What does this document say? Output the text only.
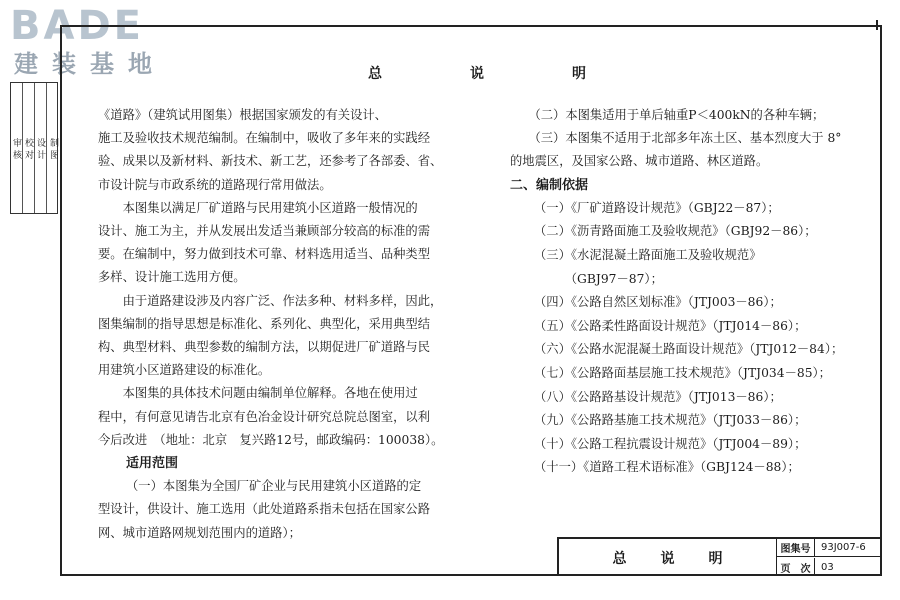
BADE
建装基地
审 核 校 对 设 计 制 图
总	说	明
《道路》（建筑试用图集）根据国家颁发的有关设计、
施工及验收技术规范编制。在编制中，吸收了多年来的实践经
验、成果以及新材料、新技术、新工艺，还参考了各部委、省、
市设计院与市政系统的道路现行常用做法。
　　本图集以满足厂矿道路与民用建筑小区道路一般情况的
设计、施工为主，并从发展出发适当兼顾部分较高的标准的需
要。在编制中，努力做到技术可靠、材料选用适当、品种类型
多样、设计施工选用方便。
　　由于道路建设涉及内容广泛、作法多种、材料多样，因此，
图集编制的指导思想是标准化、系列化、典型化，采用典型结
构、典型材料、典型参数的编制方法，以期促进厂矿道路与民
用建筑小区道路建设的标准化。
　　本图集的具体技术问题由编制单位解释。各地在使用过
程中，有何意见请告北京有色冶金设计研究总院总图室，以利
今后改进　（地址：北京　复兴路12号，邮政编码：100038）。
适用范围
（一）本图集为全国厂矿企业与民用建筑小区道路的定
型设计，供设计、施工选用（此处道路系指未包括在国家公路
网、城市道路网规划范围内的道路）；
　　（二）本图集适用于单后轴重P＜400kN的各种车辆；
　　（三）本图集不适用于北部多年冻土区、基本烈度大于 8°
的地震区，及国家公路、城市道路、林区道路。
二、编制依据
（一）《厂矿道路设计规范》（GBJ22－87）；
（二）《沥青路面施工及验收规范》（GBJ92－86）；
（三）《水泥混凝土路面施工及验收规范》
　　　（GBJ97－87）；
（四）《公路自然区划标准》（JTJ003－86）；
（五）《公路柔性路面设计规范》（JTJ014－86）；
（六）《公路水泥混凝土路面设计规范》（JTJ012－84）；
（七）《公路路面基层施工技术规范》（JTJ034－85）；
（八）《公路路基设计规范》（JTJ013－86）；
（九）《公路路基施工技术规范》（JTJ033－86）；
（十）《公路工程抗震设计规范》（JTJ004－89）；
（十一）《道路工程术语标准》（GBJ124－88）；
总 说 明
图集号	93J007-6
页　次	03
